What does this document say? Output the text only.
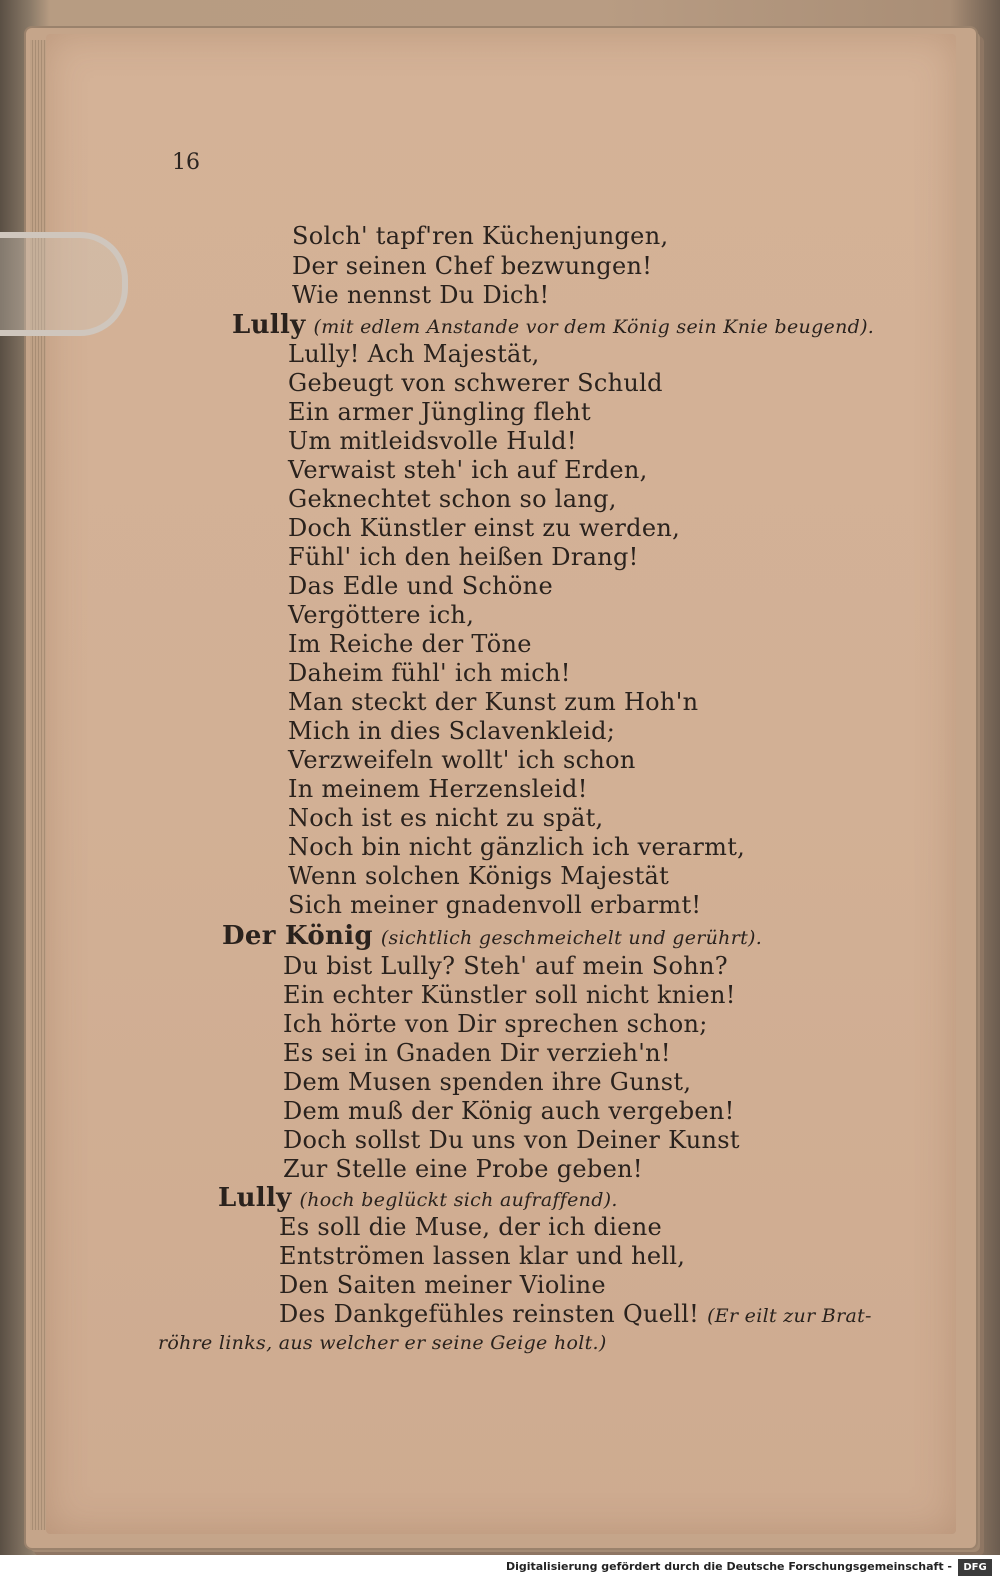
16
Solch' tapf'ren Küchenjungen,
Der seinen Chef bezwungen!
Wie nennst Du Dich!
Lully (mit edlem Anstande vor dem König sein Knie beugend).
Lully! Ach Majestät,
Gebeugt von schwerer Schuld
Ein armer Jüngling fleht
Um mitleidsvolle Huld!
Verwaist steh' ich auf Erden,
Geknechtet schon so lang,
Doch Künstler einst zu werden,
Fühl' ich den heißen Drang!
Das Edle und Schöne
Vergöttere ich,
Im Reiche der Töne
Daheim fühl' ich mich!
Man steckt der Kunst zum Hoh'n
Mich in dies Sclavenkleid;
Verzweifeln wollt' ich schon
In meinem Herzensleid!
Noch ist es nicht zu spät,
Noch bin nicht gänzlich ich verarmt,
Wenn solchen Königs Majestät
Sich meiner gnadenvoll erbarmt!
Der König (sichtlich geschmeichelt und gerührt).
Du bist Lully? Steh' auf mein Sohn?
Ein echter Künstler soll nicht knien!
Ich hörte von Dir sprechen schon;
Es sei in Gnaden Dir verzieh'n!
Dem Musen spenden ihre Gunst,
Dem muß der König auch vergeben!
Doch sollst Du uns von Deiner Kunst
Zur Stelle eine Probe geben!
Lully (hoch beglückt sich aufraffend).
Es soll die Muse, der ich diene
Entströmen lassen klar und hell,
Den Saiten meiner Violine
Des Dankgefühles reinsten Quell! (Er eilt zur Brat-
röhre links, aus welcher er seine Geige holt.)
Digitalisierung gefördert durch die Deutsche Forschungsgemeinschaft -	DFG
